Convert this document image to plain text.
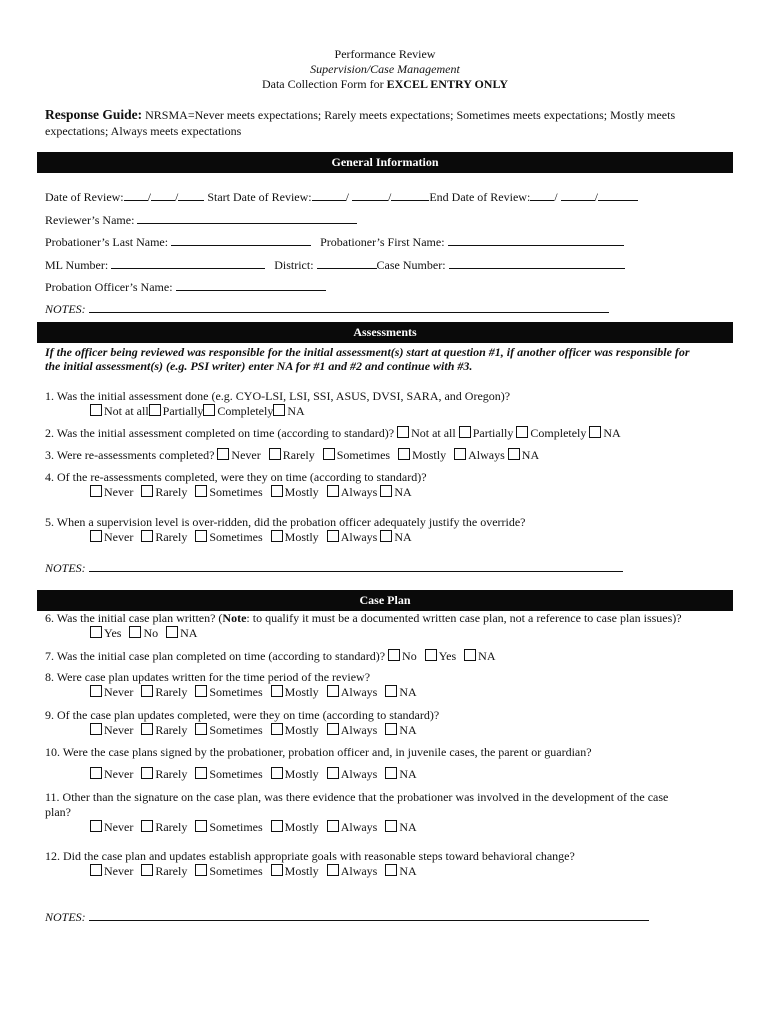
Performance Review
Supervision/Case Management
Data Collection Form for EXCEL ENTRY ONLY
Response Guide: NRSMA=Never meets expectations; Rarely meets expectations; Sometimes meets expectations; Mostly meets
expectations; Always meets expectations
General Information
Date of Review: / / Start Date of Review:	/	/	End Date of Review: /	/
Reviewer’s Name:
Probationer’s Last Name:	Probationer’s First Name:
ML Number:	District:	Case Number:
Probation Officer’s Name:
NOTES:
Assessments
If the officer being reviewed was responsible for the initial assessment(s) start at question #1, if another officer was responsible for
the initial assessment(s) (e.g. PSI writer) enter NA for #1 and #2 and continue with #3.
1. Was the initial assessment done (e.g. CYO-LSI, LSI, SSI, ASUS, DVSI, SARA, and Oregon)?
Not at all Partially Completely NA
2. Was the initial assessment completed on time (according to standard)? Not at all Partially Completely NA
3. Were re-assessments completed? Never Rarely Sometimes Mostly Always NA
4. Of the re-assessments completed, were they on time (according to standard)?
Never Rarely Sometimes Mostly Always NA
5. When a supervision level is over-ridden, did the probation officer adequately justify the override?
Never Rarely Sometimes Mostly Always NA
NOTES:
Case Plan
6. Was the initial case plan written? (Note: to qualify it must be a documented written case plan, not a reference to case plan issues)?
Yes No NA
7. Was the initial case plan completed on time (according to standard)? No Yes NA
8. Were case plan updates written for the time period of the review?
Never Rarely Sometimes Mostly Always NA
9. Of the case plan updates completed, were they on time (according to standard)?
Never Rarely Sometimes Mostly Always NA
10. Were the case plans signed by the probationer, probation officer and, in juvenile cases, the parent or guardian?
Never Rarely Sometimes Mostly Always NA
11. Other than the signature on the case plan, was there evidence that the probationer was involved in the development of the case
plan?
Never Rarely Sometimes Mostly Always NA
12. Did the case plan and updates establish appropriate goals with reasonable steps toward behavioral change?
Never Rarely Sometimes Mostly Always NA
NOTES:
